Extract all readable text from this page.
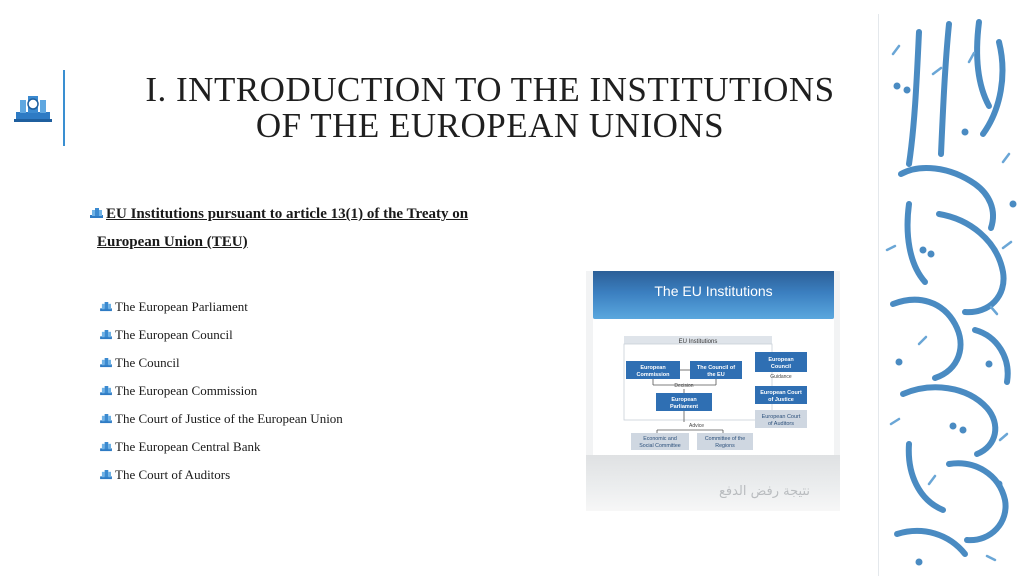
I. INTRODUCTION TO THE INSTITUTIONS
OF THE EUROPEAN UNIONS
EU Institutions pursuant to article 13(1) of the Treaty on
European Union (TEU)
The European Parliament
The European Council
The Council
The European Commission
The Court of Justice of the European Union
The European Central Bank
The Court of Auditors
The EU Institutions
EU Institutions
European
Commission
The Council of
the EU
Decision
European
Parliament
European
Council
Guidance
European Court
of Justice
European Court
of Auditors
Advice
Economic and
Social Committee
Committee of the
Regions
نتيجة رفض الدفع
